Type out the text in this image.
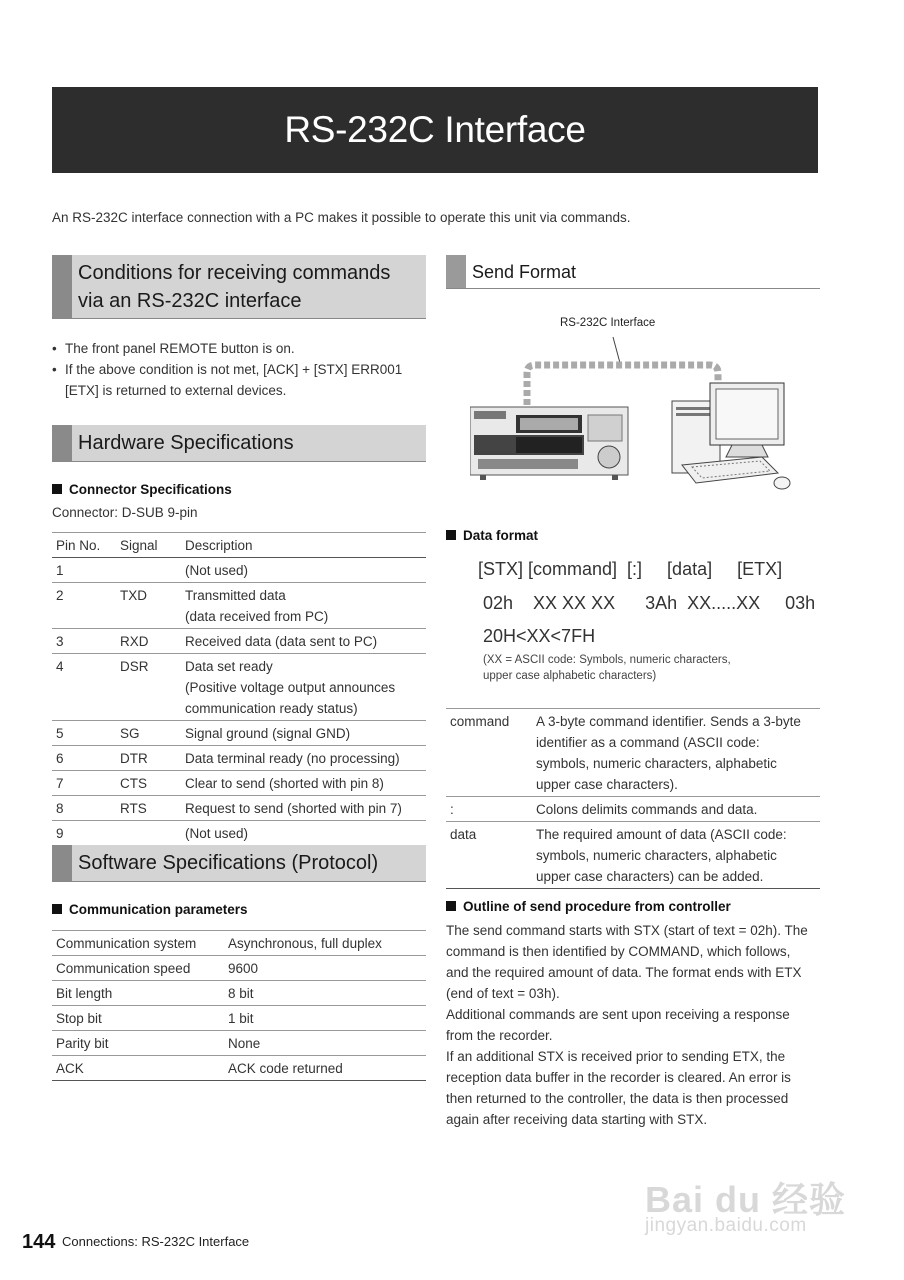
RS-232C Interface
An RS-232C interface connection with a PC makes it possible to operate this unit via commands.
Conditions for receiving commands
via an RS-232C interface
• The front panel REMOTE button is on.
• If the above condition is not met, [ACK] + [STX] ERR001
[ETX] is returned to external devices.
Hardware Specifications
Connector Specifications
Connector: D-SUB 9-pin
Pin No.	Signal	Description
1		(Not used)

2	TXD	Transmitted data
(data received from PC)

3	RXD	Received data (data sent to PC)

4	DSR	Data set ready
(Positive voltage output announces
communication ready status)

5	SG	Signal ground (signal GND)

6	DTR	Data terminal ready (no processing)

7	CTS	Clear to send (shorted with pin 8)

8	RTS	Request to send (shorted with pin 7)

9		(Not used)
Software Specifications (Protocol)
Communication parameters
Communication system	Asynchronous, full duplex
Communication speed	9600
Bit length	8 bit
Stop bit	1 bit
Parity bit	None
ACK	ACK code returned
Send Format
RS-232C Interface
Data format
[STX] [command]  [:]     [data]     [ETX]
02h    XX XX XX      3Ah  XX.....XX     03h
20H<XX<7FH
(XX = ASCII code: Symbols, numeric characters,
upper case alphabetic characters)
command	A 3-byte command identifier. Sends a 3-byte
identifier as a command (ASCII code:
symbols, numeric characters, alphabetic
upper case characters).

:	Colons delimits commands and data.

data	The required amount of data (ASCII code:
symbols, numeric characters, alphabetic
upper case characters) can be added.
Outline of send procedure from controller
The send command starts with STX (start of text = 02h). The
command is then identified by COMMAND, which follows,
and the required amount of data. The format ends with ETX
(end of text = 03h).
Additional commands are sent upon receiving a response
from the recorder.
If an additional STX is received prior to sending ETX, the
reception data buffer in the recorder is cleared. An error is
then returned to the controller, the data is then processed
again after receiving data starting with STX.
Bai du 经验
jingyan.baidu.com
144 Connections: RS-232C Interface
